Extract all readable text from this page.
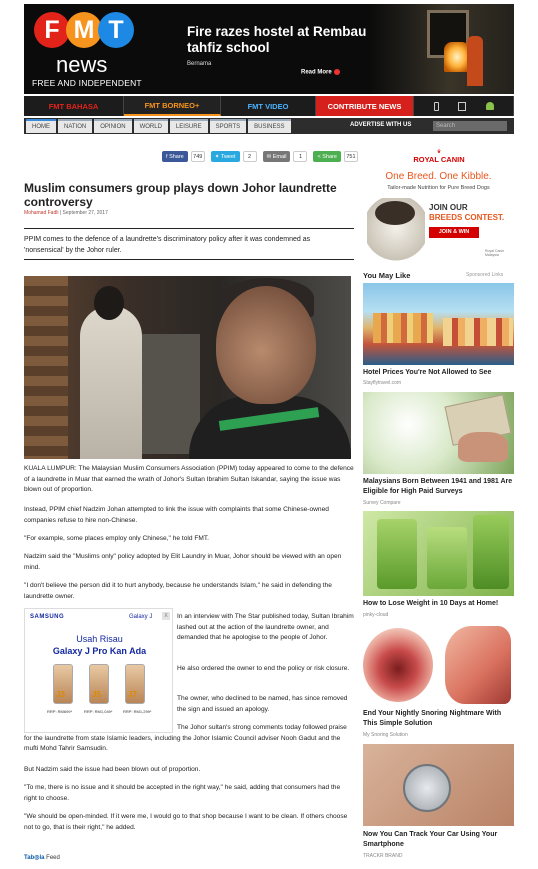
F M T
news
FREE AND INDEPENDENT
Fire razes hostel at Rembau tahfiz school
Bernama
Read More
FMT BAHASA	FMT BORNEO+	FMT VIDEO	CONTRIBUTE NEWS
HOME	NATION	OPINION	WORLD	LEISURE	SPORTS	BUSINESS	ADVERTISE WITH US	Search
f Share	749	✦ Tweet	2	✉ Email	1	< Share	751
Muslim consumers group plays down Johor laundrette controversy
Mohamad Fadli | September 27, 2017
PPIM comes to the defence of a laundrette's discriminatory policy after it was condemned as 'nonsensical' by the Johor ruler.
KUALA LUMPUR: The Malaysian Muslim Consumers Association (PPIM) today appeared to come to the defence of a laundrette in Muar that earned the wrath of Johor's Sultan Ibrahim Sultan Iskandar, saying the issue was blown out of proportion.
Instead, PPIM chief Nadzim Johan attempted to link the issue with complaints that some Chinese-owned companies refuse to hire non-Chinese.
"For example, some places employ only Chinese," he told FMT.
Nadzim said the "Muslims only" policy adopted by Elit Laundry in Muar, Johor should be viewed with an open mind.
"I don't believe the person did it to hurt anybody, because he understands Islam," he said in defending the laundrette owner.
SAMSUNG	Galaxy J	X
Usah Risau
Galaxy J Pro Kan Ada
J3	J5	J7
RRP: RM699*	RRP: RM1,049*	RRP: RM1,299*
In an interview with The Star published today, Sultan Ibrahim lashed out at the action of the laundrette owner, and demanded that he apologise to the people of Johor.
He also ordered the owner to end the policy or risk closure.
The owner, who declined to be named, has since removed the sign and issued an apology.
The Johor sultan's strong comments today followed praise for the laundrette from state Islamic leaders, including the Johor Islamic Council adviser Nooh Gadut and the mufti Mohd Tahrir Samsudin.
But Nadzim said the issue had been blown out of proportion.
"To me, there is no issue and it should be accepted in the right way," he said, adding that consumers had the right to choose.
"We should be open-minded. If it were me, I would go to that shop because I want to be clean. If others choose not to go, that is their right," he added.
Tab◎la Feed
♛
ROYAL CANIN
One Breed. One Kibble.
Tailor-made Nutrition for Pure Breed Dogs
JOIN OUR
BREEDS CONTEST.
JOIN & WIN
Royal Canin Malaysia
You May Like	Sponsored Links
Hotel Prices You're Not Allowed to See
Stayflytravel.com
Malaysians Born Between 1941 and 1981 Are Eligible for High Paid Surveys
Survey Compare
How to Lose Weight in 10 Days at Home!
pinky-cloud
End Your Nightly Snoring Nightmare With This Simple Solution
My Snoring Solution
Now You Can Track Your Car Using Your Smartphone
TRACKR BRAND
